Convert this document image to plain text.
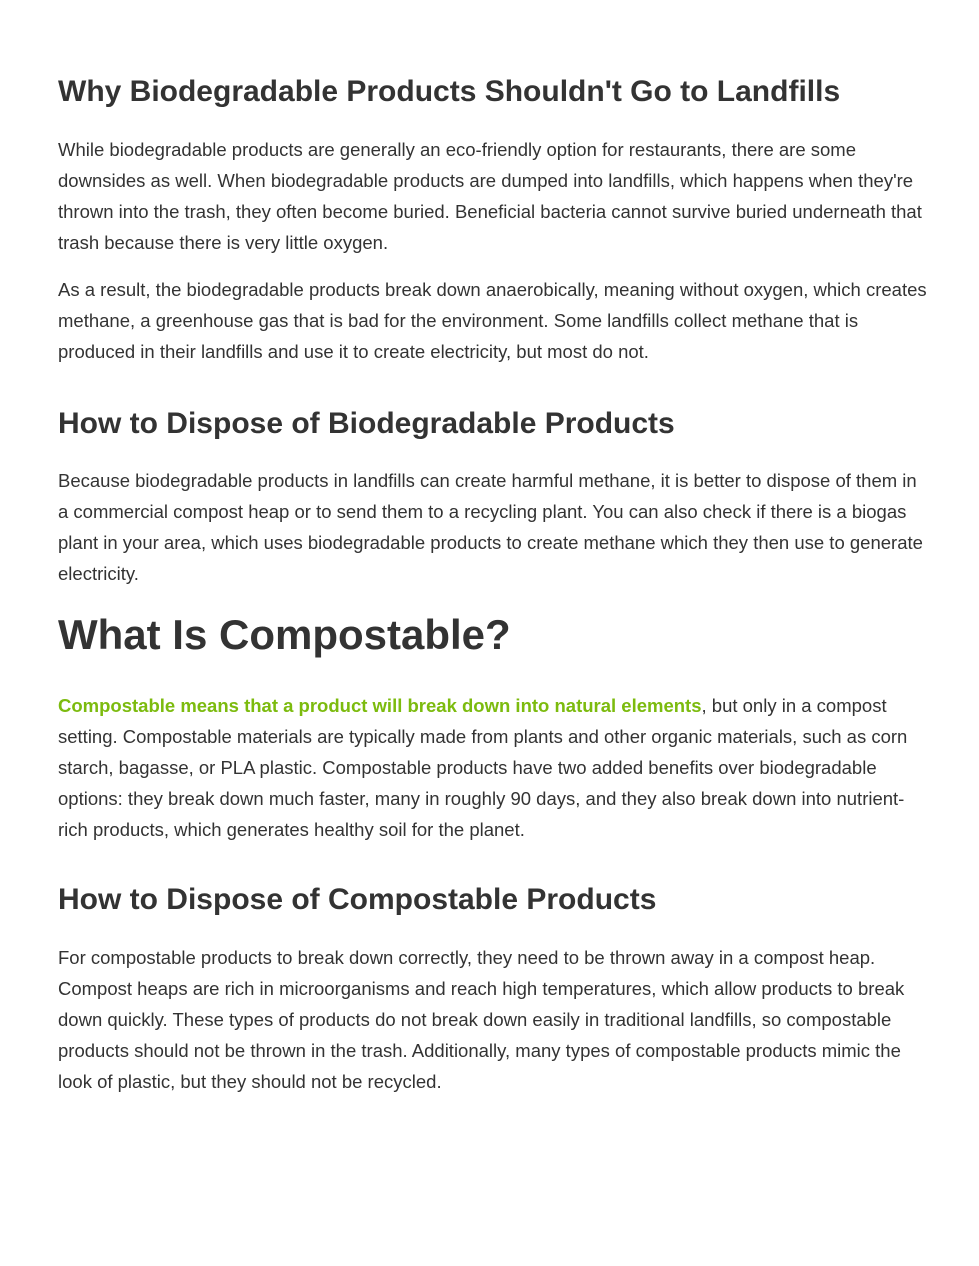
Why Biodegradable Products Shouldn't Go to Landfills

While biodegradable products are generally an eco-friendly option for restaurants, there are some downsides as well. When biodegradable products are dumped into landfills, which happens when they're thrown into the trash, they often become buried. Beneficial bacteria cannot survive buried underneath that trash because there is very little oxygen.

As a result, the biodegradable products break down anaerobically, meaning without oxygen, which creates methane, a greenhouse gas that is bad for the environment. Some landfills collect methane that is produced in their landfills and use it to create electricity, but most do not.

How to Dispose of Biodegradable Products

Because biodegradable products in landfills can create harmful methane, it is better to dispose of them in a commercial compost heap or to send them to a recycling plant. You can also check if there is a biogas plant in your area, which uses biodegradable products to create methane which they then use to generate electricity.

What Is Compostable?

Compostable means that a product will break down into natural elements, but only in a compost setting. Compostable materials are typically made from plants and other organic materials, such as corn starch, bagasse, or PLA plastic. Compostable products have two added benefits over biodegradable options: they break down much faster, many in roughly 90 days, and they also break down into nutrient-rich products, which generates healthy soil for the planet.

How to Dispose of Compostable Products

For compostable products to break down correctly, they need to be thrown away in a compost heap. Compost heaps are rich in microorganisms and reach high temperatures, which allow products to break down quickly. These types of products do not break down easily in traditional landfills, so compostable products should not be thrown in the trash. Additionally, many types of compostable products mimic the look of plastic, but they should not be recycled.
